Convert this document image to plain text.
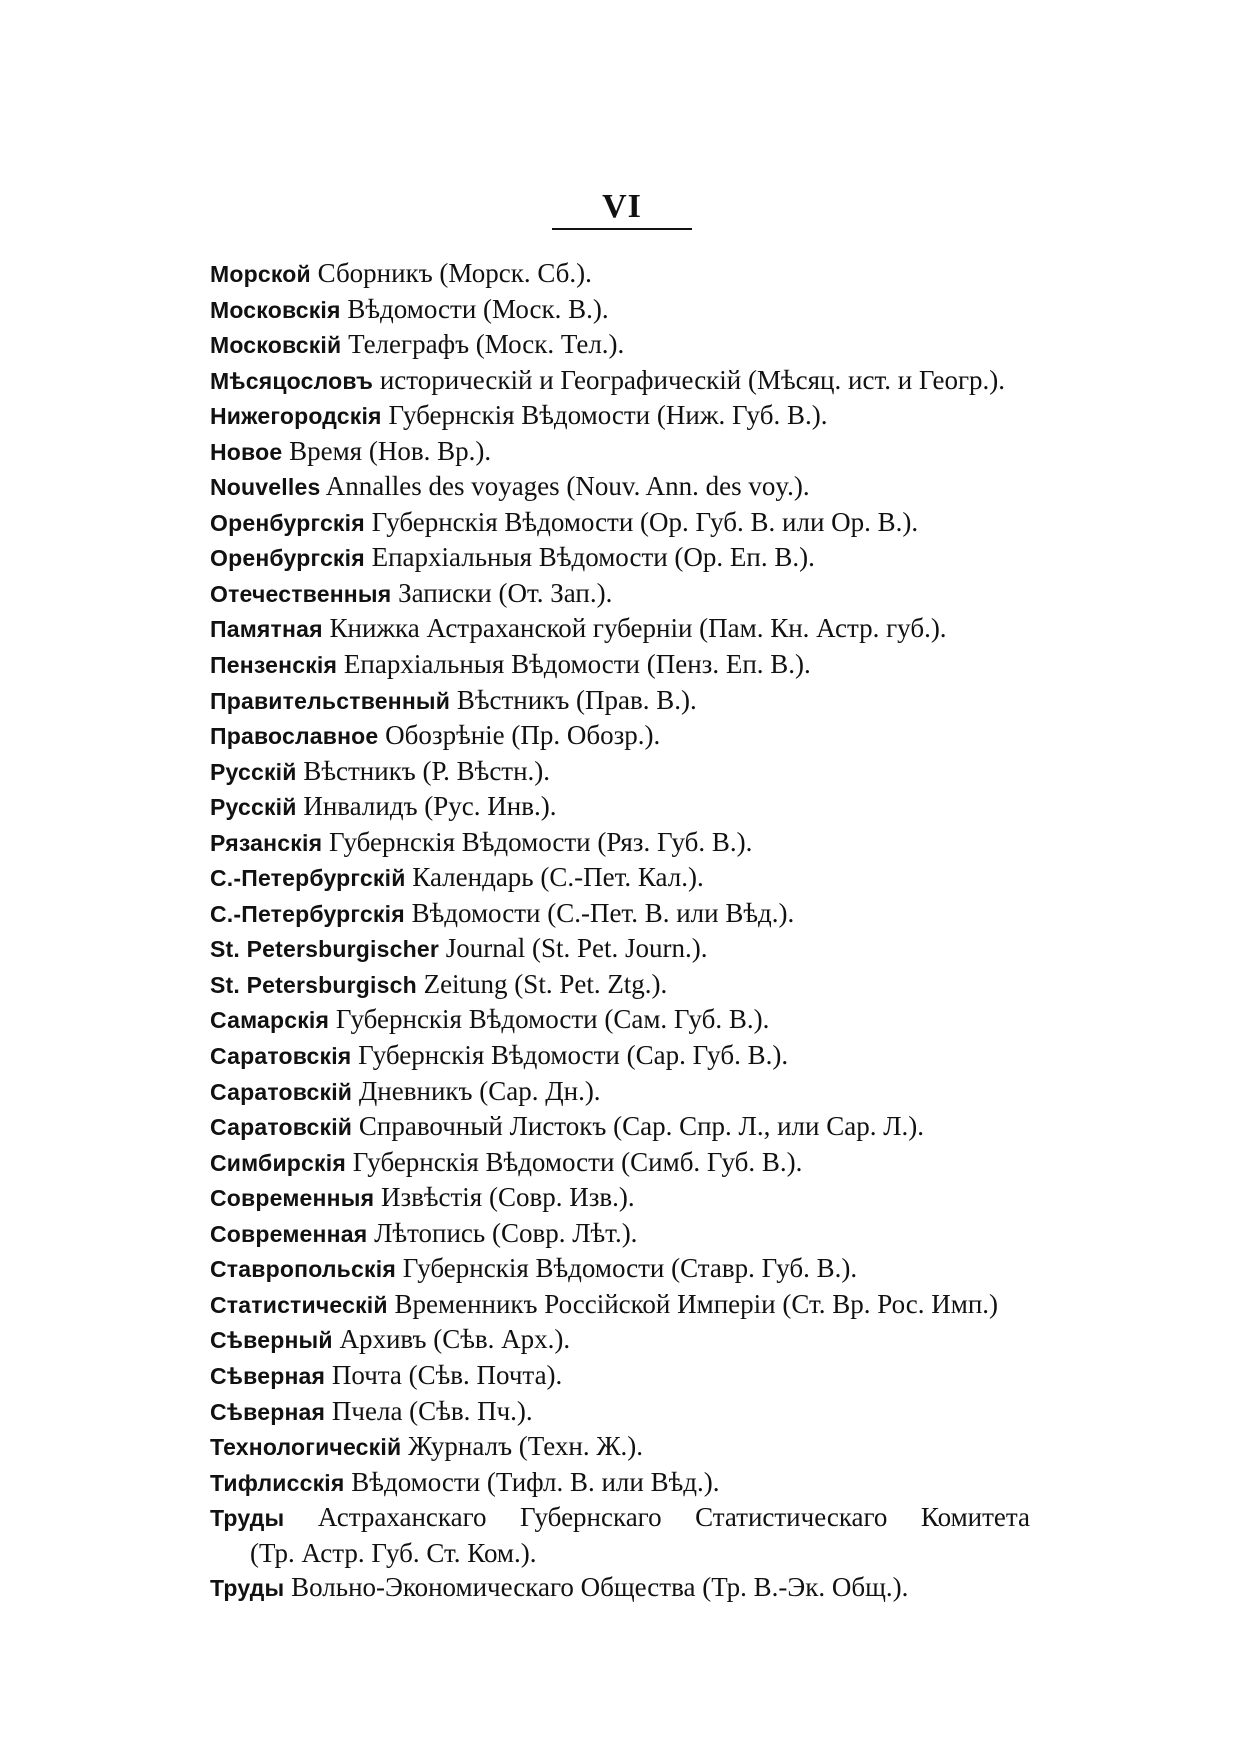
VI
Морской Сборникъ (Морск. Сб.).
Московскія Вѣдомости (Моск. В.).
Московскій Телеграфъ (Моск. Тел.).
Мѣсяцословъ историческій и Географическій (Мѣсяц. ист. и Геогр.).
Нижегородскія Губернскія Вѣдомости (Ниж. Губ. В.).
Новое Время (Нов. Вр.).
Nouvelles Annalles des voyages (Nouv. Ann. des voy.).
Оренбургскія Губернскія Вѣдомости (Ор. Губ. В. или Ор. В.).
Оренбургскія Епархіальныя Вѣдомости (Ор. Еп. В.).
Отечественныя Записки (От. Зап.).
Памятная Книжка Астраханской губерніи (Пам. Кн. Астр. губ.).
Пензенскія Епархіальныя Вѣдомости (Пенз. Еп. В.).
Правительственный Вѣстникъ (Прав. В.).
Православное Обозрѣніе (Пр. Обозр.).
Русскій Вѣстникъ (Р. Вѣстн.).
Русскій Инвалидъ (Рус. Инв.).
Рязанскія Губернскія Вѣдомости (Ряз. Губ. В.).
С.-Петербургскій Календарь (С.-Пет. Кал.).
С.-Петербургскія Вѣдомости (С.-Пет. В. или Вѣд.).
St. Petersburgischer Journal (St. Pet. Journ.).
St. Petersburgisch Zeitung (St. Pet. Ztg.).
Самарскія Губернскія Вѣдомости (Сам. Губ. В.).
Саратовскія Губернскія Вѣдомости (Сар. Губ. В.).
Саратовскій Дневникъ (Сар. Дн.).
Саратовскій Справочный Листокъ (Сар. Спр. Л., или Сар. Л.).
Симбирскія Губернскія Вѣдомости (Симб. Губ. В.).
Современныя Извѣстія (Совр. Изв.).
Современная Лѣтопись (Совр. Лѣт.).
Ставропольскія Губернскія Вѣдомости (Ставр. Губ. В.).
Статистическій Временникъ Россійской Имперіи (Ст. Вр. Рос. Имп.)
Сѣверный Архивъ (Сѣв. Арх.).
Сѣверная Почта (Сѣв. Почта).
Сѣверная Пчела (Сѣв. Пч.).
Технологическій Журналъ (Техн. Ж.).
Тифлисскія Вѣдомости (Тифл. В. или Вѣд.).
Труды Астраханскаго Губернскаго Статистическаго Комитета
(Тр. Астр. Губ. Ст. Ком.).
Труды Вольно-Экономическаго Общества (Тр. В.-Эк. Общ.).
